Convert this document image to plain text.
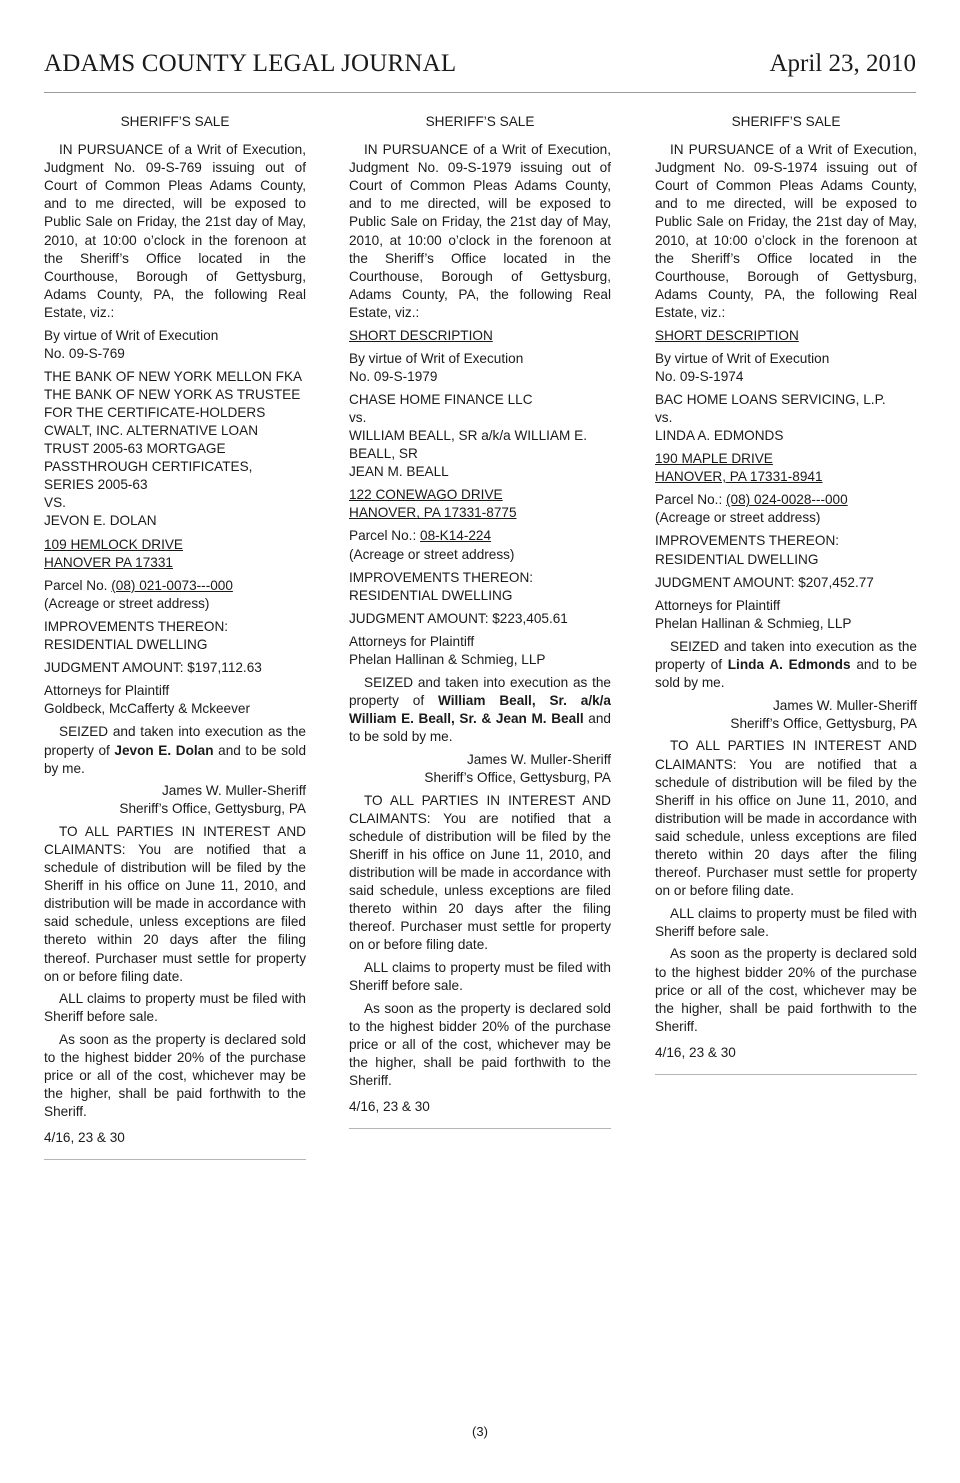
ADAMS COUNTY LEGAL JOURNAL	April 23, 2010

SHERIFF’S SALE

IN PURSUANCE of a Writ of Execution, Judgment No. 09-S-769 issuing out of Court of Common Pleas Adams County, and to me directed, will be exposed to Public Sale on Friday, the 21st day of May, 2010, at 10:00 o’clock in the forenoon at the Sheriff’s Office located in the Courthouse, Borough of Gettysburg, Adams County, PA, the following Real Estate, viz.:

By virtue of Writ of Execution
No. 09-S-769

THE BANK OF NEW YORK MELLON FKA THE BANK OF NEW YORK AS TRUSTEE FOR THE CERTIFICATE-HOLDERS CWALT, INC. ALTERNATIVE LOAN TRUST 2005-63 MORTGAGE PASSTHROUGH CERTIFICATES, SERIES 2005-63
VS.
JEVON E. DOLAN

109 HEMLOCK DRIVE
HANOVER PA 17331

Parcel No. (08) 021-0073---000
(Acreage or street address)

IMPROVEMENTS THEREON:
RESIDENTIAL DWELLING

JUDGMENT AMOUNT: $197,112.63

Attorneys for Plaintiff
Goldbeck, McCafferty & Mckeever

SEIZED and taken into execution as the property of Jevon E. Dolan and to be sold by me.

James W. Muller-Sheriff
Sheriff’s Office, Gettysburg, PA

TO ALL PARTIES IN INTEREST AND CLAIMANTS: You are notified that a schedule of distribution will be filed by the Sheriff in his office on June 11, 2010, and distribution will be made in accordance with said schedule, unless exceptions are filed thereto within 20 days after the filing thereof. Purchaser must settle for property on or before filing date.

ALL claims to property must be filed with Sheriff before sale.

As soon as the property is declared sold to the highest bidder 20% of the purchase price or all of the cost, whichever may be the higher, shall be paid forthwith to the Sheriff.

4/16, 23 & 30

SHERIFF’S SALE

IN PURSUANCE of a Writ of Execution, Judgment No. 09-S-1979 issuing out of Court of Common Pleas Adams County, and to me directed, will be exposed to Public Sale on Friday, the 21st day of May, 2010, at 10:00 o’clock in the forenoon at the Sheriff’s Office located in the Courthouse, Borough of Gettysburg, Adams County, PA, the following Real Estate, viz.:

SHORT DESCRIPTION

By virtue of Writ of Execution
No. 09-S-1979

CHASE HOME FINANCE LLC
vs.
WILLIAM BEALL, SR a/k/a WILLIAM E. BEALL, SR
JEAN M. BEALL

122 CONEWAGO DRIVE
HANOVER, PA 17331-8775

Parcel No.: 08-K14-224
(Acreage or street address)

IMPROVEMENTS THEREON:
RESIDENTIAL DWELLING

JUDGMENT AMOUNT: $223,405.61

Attorneys for Plaintiff
Phelan Hallinan & Schmieg, LLP

SEIZED and taken into execution as the property of William Beall, Sr. a/k/a William E. Beall, Sr. & Jean M. Beall and to be sold by me.

James W. Muller-Sheriff
Sheriff’s Office, Gettysburg, PA

TO ALL PARTIES IN INTEREST AND CLAIMANTS: You are notified that a schedule of distribution will be filed by the Sheriff in his office on June 11, 2010, and distribution will be made in accordance with said schedule, unless exceptions are filed thereto within 20 days after the filing thereof. Purchaser must settle for property on or before filing date.

ALL claims to property must be filed with Sheriff before sale.

As soon as the property is declared sold to the highest bidder 20% of the purchase price or all of the cost, whichever may be the higher, shall be paid forthwith to the Sheriff.

4/16, 23 & 30

SHERIFF’S SALE

IN PURSUANCE of a Writ of Execution, Judgment No. 09-S-1974 issuing out of Court of Common Pleas Adams County, and to me directed, will be exposed to Public Sale on Friday, the 21st day of May, 2010, at 10:00 o’clock in the forenoon at the Sheriff’s Office located in the Courthouse, Borough of Gettysburg, Adams County, PA, the following Real Estate, viz.:

SHORT DESCRIPTION

By virtue of Writ of Execution
No. 09-S-1974

BAC HOME LOANS SERVICING, L.P.
vs.
LINDA A. EDMONDS

190 MAPLE DRIVE
HANOVER, PA 17331-8941

Parcel No.: (08) 024-0028---000
(Acreage or street address)

IMPROVEMENTS THEREON:
RESIDENTIAL DWELLING

JUDGMENT AMOUNT: $207,452.77

Attorneys for Plaintiff
Phelan Hallinan & Schmieg, LLP

SEIZED and taken into execution as the property of Linda A. Edmonds and to be sold by me.

James W. Muller-Sheriff
Sheriff’s Office, Gettysburg, PA

TO ALL PARTIES IN INTEREST AND CLAIMANTS: You are notified that a schedule of distribution will be filed by the Sheriff in his office on June 11, 2010, and distribution will be made in accordance with said schedule, unless exceptions are filed thereto within 20 days after the filing thereof. Purchaser must settle for property on or before filing date.

ALL claims to property must be filed with Sheriff before sale.

As soon as the property is declared sold to the highest bidder 20% of the purchase price or all of the cost, whichever may be the higher, shall be paid forthwith to the Sheriff.

4/16, 23 & 30

(3)
